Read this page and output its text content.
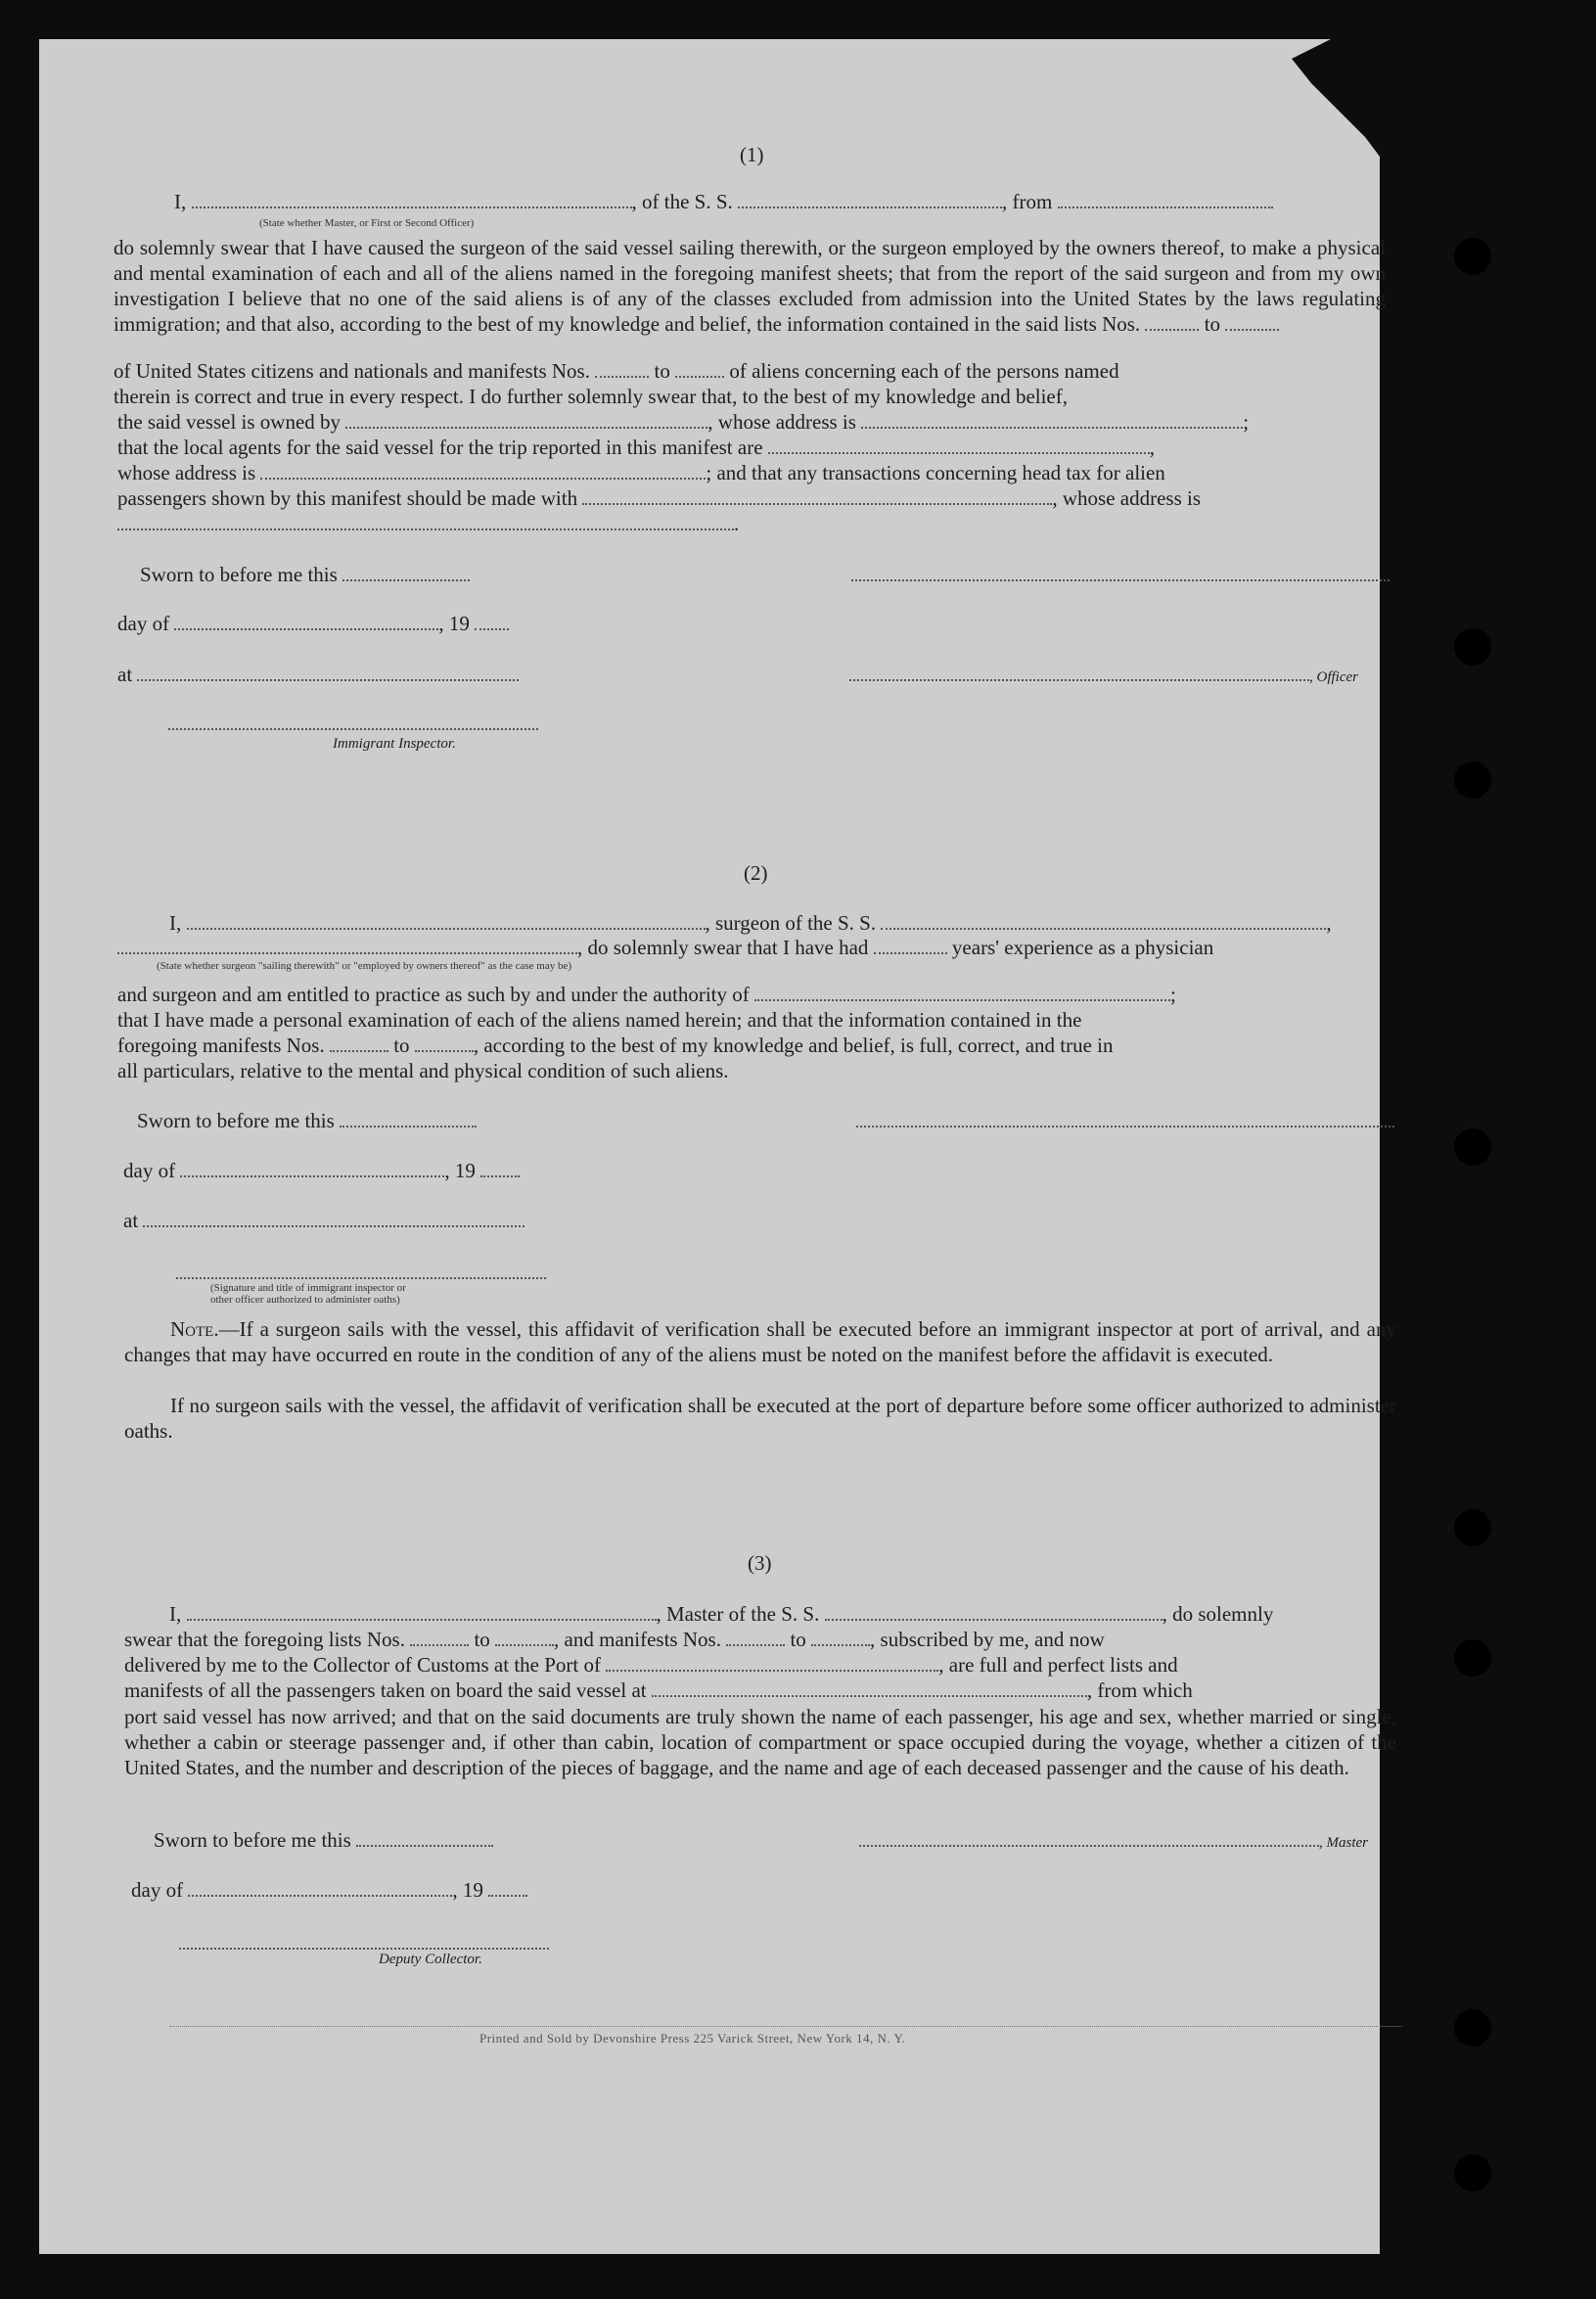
(1)
I,	, of the S. S.	, from
(State whether Master, or First or Second Officer)
do solemnly swear that I have caused the surgeon of the said vessel sailing therewith, or the surgeon employed by the owners thereof, to make a physical and mental examination of each and all of the aliens named in the foregoing manifest sheets; that from the report of the said surgeon and from my own investigation I believe that no one of the said aliens is of any of the classes excluded from admission into the United States by the laws regulating immigration; and that also, according to the best of my knowledge and belief, the information contained in the said lists Nos.	to
of United States citizens and nationals and manifests Nos.	to	of aliens concerning each of the persons named
therein is correct and true in every respect. I do further solemnly swear that, to the best of my knowledge and belief,
the said vessel is owned by	, whose address is	;
that the local agents for the said vessel for the trip reported in this manifest are	,
whose address is	; and that any transactions concerning head tax for alien
passengers shown by this manifest should be made with	, whose address is
.
Sworn to before me this
day of	, 19
at	, Officer
Immigrant Inspector.
(2)
I,	, surgeon of the S. S.	,
, do solemnly swear that I have had	years' experience as a physician
(State whether surgeon "sailing therewith" or "employed by owners thereof" as the case may be)
and surgeon and am entitled to practice as such by and under the authority of	;
that I have made a personal examination of each of the aliens named herein; and that the information contained in the
foregoing manifests Nos.	to	, according to the best of my knowledge and belief, is full, correct, and true in
all particulars, relative to the mental and physical condition of such aliens.
Sworn to before me this
day of	, 19
at
(Signature and title of immigrant inspector or
other officer authorized to administer oaths)
Note.—If a surgeon sails with the vessel, this affidavit of verification shall be executed before an immigrant inspector at port of arrival, and any changes that may have occurred en route in the condition of any of the aliens must be noted on the manifest before the affidavit is executed.
If no surgeon sails with the vessel, the affidavit of verification shall be executed at the port of departure before some officer authorized to administer oaths.
(3)
I,	, Master of the S. S.	, do solemnly
swear that the foregoing lists Nos.	to	, and manifests Nos.	to	, subscribed by me, and now
delivered by me to the Collector of Customs at the Port of	, are full and perfect lists and
manifests of all the passengers taken on board the said vessel at	, from which
port said vessel has now arrived; and that on the said documents are truly shown the name of each passenger, his age and sex, whether married or single, whether a cabin or steerage passenger and, if other than cabin, location of compartment or space occupied during the voyage, whether a citizen of the United States, and the number and description of the pieces of baggage, and the name and age of each deceased passenger and the cause of his death.
Sworn to before me this	, Master
day of	, 19
Deputy Collector.
Printed and Sold by Devonshire Press 225 Varick Street, New York 14, N. Y.
